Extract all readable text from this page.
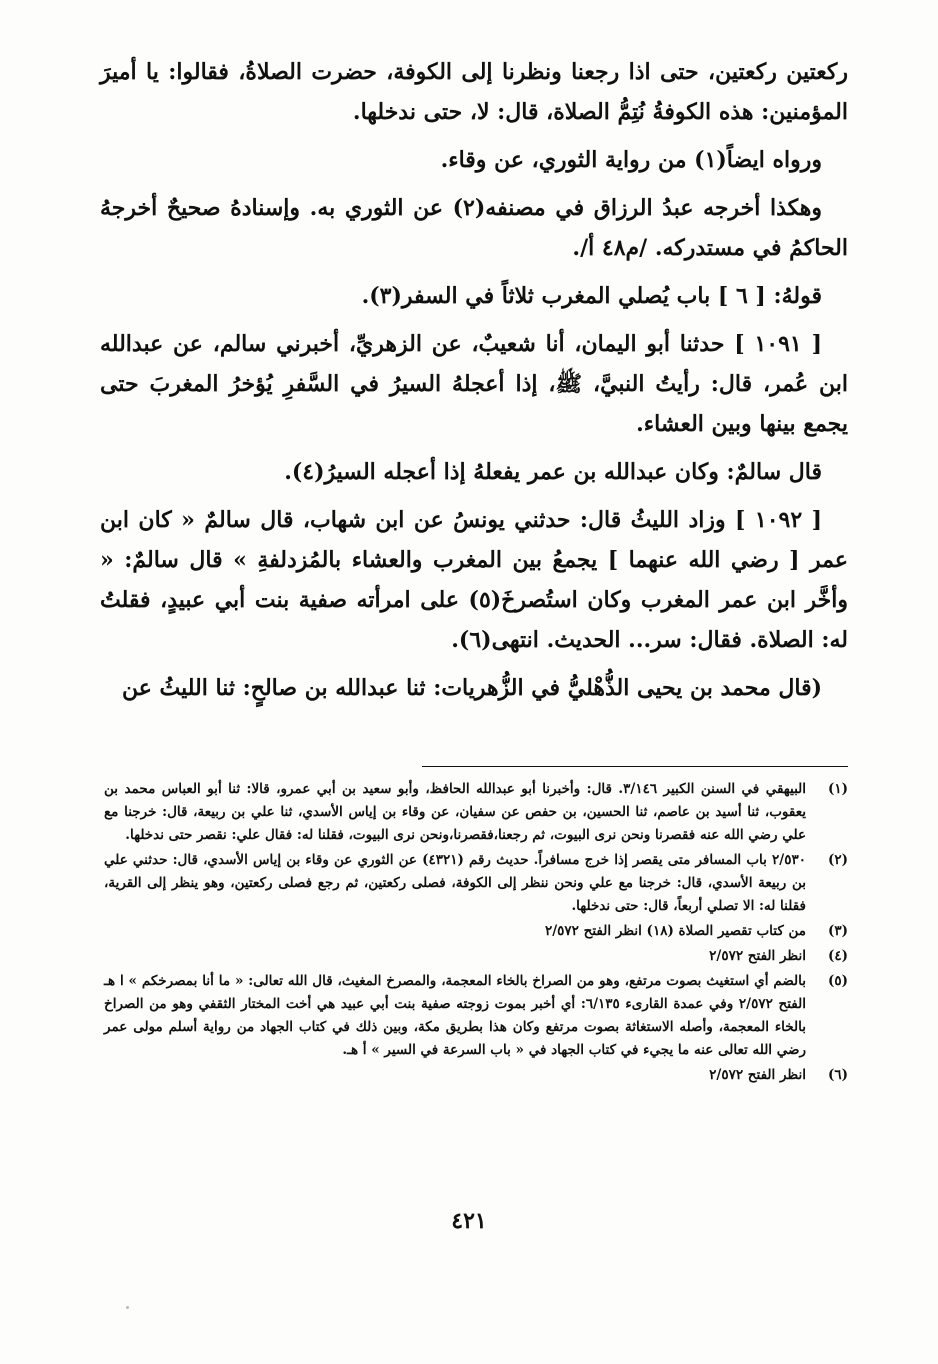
ركعتين ركعتين، حتى اذا رجعنا ونظرنا إلى الكوفة، حضرت الصلاةُ، فقالوا: يا أميرَ المؤمنين: هذه الكوفةُ نُتِمُّ الصلاة، قال: لا، حتى ندخلها.

ورواه ايضاً(١) من رواية الثوري، عن وقاء.

وهكذا أخرجه عبدُ الرزاق في مصنفه(٢) عن الثوري به. وإسنادهُ صحيحٌ أخرجهُ الحاكمُ في مستدركه. /م٤٨ أ/.

قولهُ: [ ٦ ] باب يُصلي المغرب ثلاثاً في السفر(٣).

[ ١٠٩١ ] حدثنا أبو اليمان، أنا شعيبٌ، عن الزهريِّ، أخبرني سالم، عن عبدالله ابن عُمر، قال: رأيتُ النبيَّ، ﷺ، إذا أعجلهُ السيرُ في السَّفرِ يُؤخرُ المغربَ حتى يجمع بينها وبين العشاء.

قال سالمٌ: وكان عبدالله بن عمر يفعلهُ إذا أعجله السيرُ(٤).

[ ١٠٩٢ ] وزاد الليثُ قال: حدثني يونسُ عن ابن شهاب، قال سالمٌ « كان ابن عمر [ رضي الله عنهما ] يجمعُ بين المغرب والعشاء بالمُزدلفةِ » قال سالمٌ: « وأخَّر ابن عمر المغرب وكان استُصرخَ(٥) على امرأته صفية بنت أبي عبيدٍ، فقلتُ له: الصلاة. فقال: سر... الحديث. انتهى(٦).

(قال محمد بن يحيى الذُّهْليُّ في الزُّهريات: ثنا عبدالله بن صالحٍ: ثنا الليثُ عن

(١)
البيهقي في السنن الكبير ٣/١٤٦. قال: وأخبرنا أبو عبدالله الحافظ، وأبو سعيد بن أبي عمرو، قالا: ثنا أبو العباس محمد بن يعقوب، ثنا أسيد بن عاصم، ثنا الحسين، بن حفص عن سفيان، عن وقاء بن إياس الأسدي، ثنا علي بن ربيعة، قال: خرجنا مع علي رضي الله عنه فقصرنا ونحن نرى البيوت، ثم رجعنا،فقصرنا،ونحن نرى البيوت، فقلنا له: فقال علي: نقصر حتى ندخلها.
(٢)
٢/٥٣٠ باب المسافر متى يقصر إذا خرج مسافراً. حديث رقم (٤٣٢١) عن الثوري عن وقاء بن إياس الأسدي، قال: حدثني علي بن ربيعة الأسدي، قال: خرجنا مع علي ونحن ننظر إلى الكوفة، فصلى ركعتين، ثم رجع فصلى ركعتين، وهو ينظر إلى القرية، فقلنا له: الا تصلي أربعاً، قال: حتى ندخلها.
(٣)
من كتاب تقصير الصلاة (١٨) انظر الفتح ٢/٥٧٢
(٤)
انظر الفتح ٢/٥٧٢
(٥)
بالضم أي استغيث بصوت مرتفع، وهو من الصراخ بالخاء المعجمة، والمصرخ المغيث، قال الله تعالى: « ما أنا بمصرخكم » ا هـ الفتح ٢/٥٧٢ وفي عمدة القارىء ٦/١٣٥: أي أخبر بموت زوجته صفية بنت أبي عبيد هي أخت المختار الثقفي وهو من الصراخ بالخاء المعجمة، وأصله الاستغاثة بصوت مرتفع وكان هذا بطريق مكة، وبين ذلك في كتاب الجهاد من رواية أسلم مولى عمر رضي الله تعالى عنه ما يجيء في كتاب الجهاد في « باب السرعة في السير » أ هـ.
(٦)
انظر الفتح ٢/٥٧٢
٤٢١
